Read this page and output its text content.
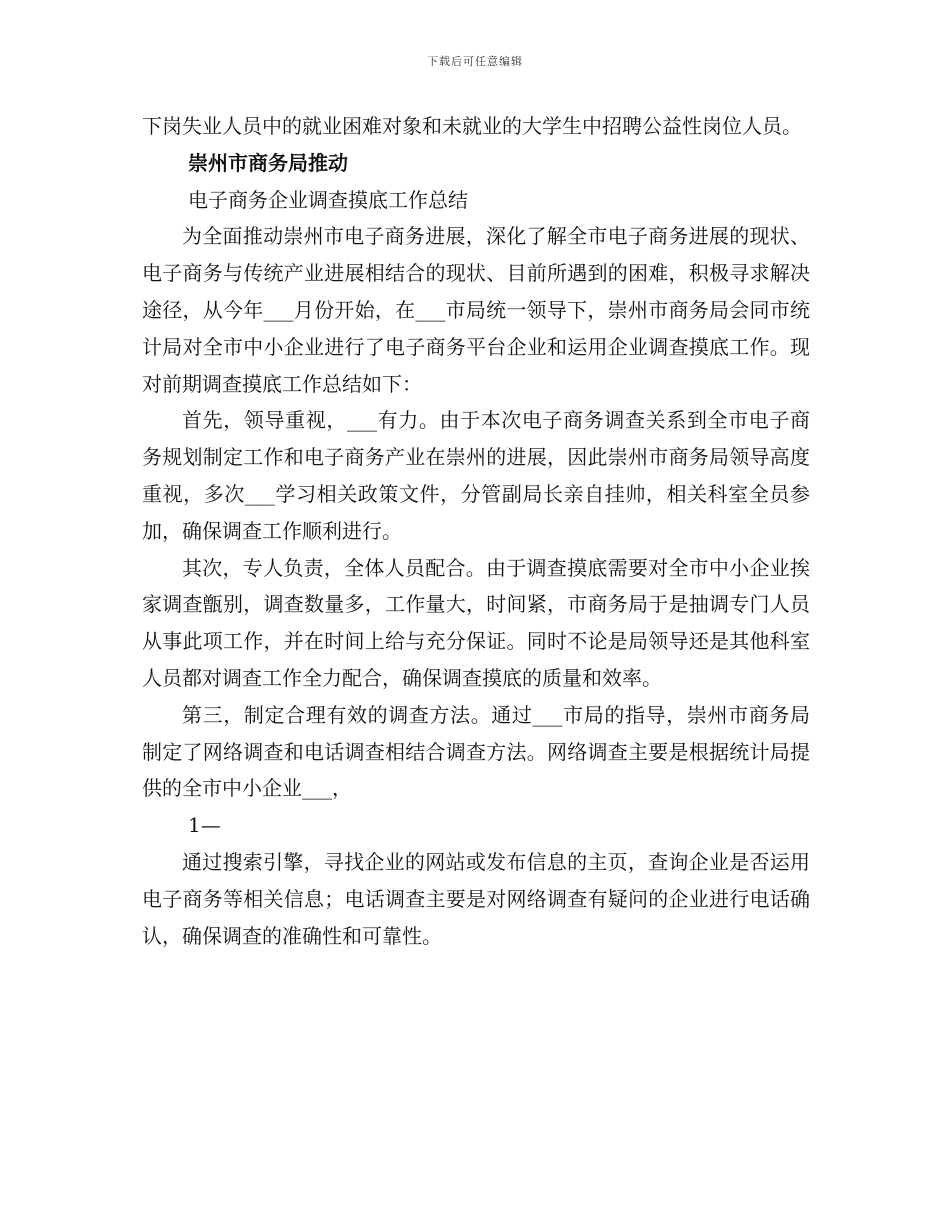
下载后可任意编辑

下岗失业人员中的就业困难对象和未就业的大学生中招聘公益性岗位人员。

崇州市商务局推动

电子商务企业调查摸底工作总结

为全面推动崇州市电子商务进展，深化了解全市电子商务进展的现状、电子商务与传统产业进展相结合的现状、目前所遇到的困难，积极寻求解决途径，从今年___月份开始，在___市局统一领导下，崇州市商务局会同市统计局对全市中小企业进行了电子商务平台企业和运用企业调查摸底工作。现对前期调查摸底工作总结如下：

首先，领导重视，___有力。由于本次电子商务调查关系到全市电子商务规划制定工作和电子商务产业在崇州的进展，因此崇州市商务局领导高度重视，多次___学习相关政策文件，分管副局长亲自挂帅，相关科室全员参加，确保调查工作顺利进行。

其次，专人负责，全体人员配合。由于调查摸底需要对全市中小企业挨家调查甑别，调查数量多，工作量大，时间紧，市商务局于是抽调专门人员从事此项工作，并在时间上给与充分保证。同时不论是局领导还是其他科室人员都对调查工作全力配合，确保调查摸底的质量和效率。

第三，制定合理有效的调查方法。通过___市局的指导，崇州市商务局制定了网络调查和电话调查相结合调查方法。网络调查主要是根据统计局提供的全市中小企业___，

1—

通过搜索引擎，寻找企业的网站或发布信息的主页，查询企业是否运用电子商务等相关信息；电话调查主要是对网络调查有疑问的企业进行电话确认，确保调查的准确性和可靠性。
